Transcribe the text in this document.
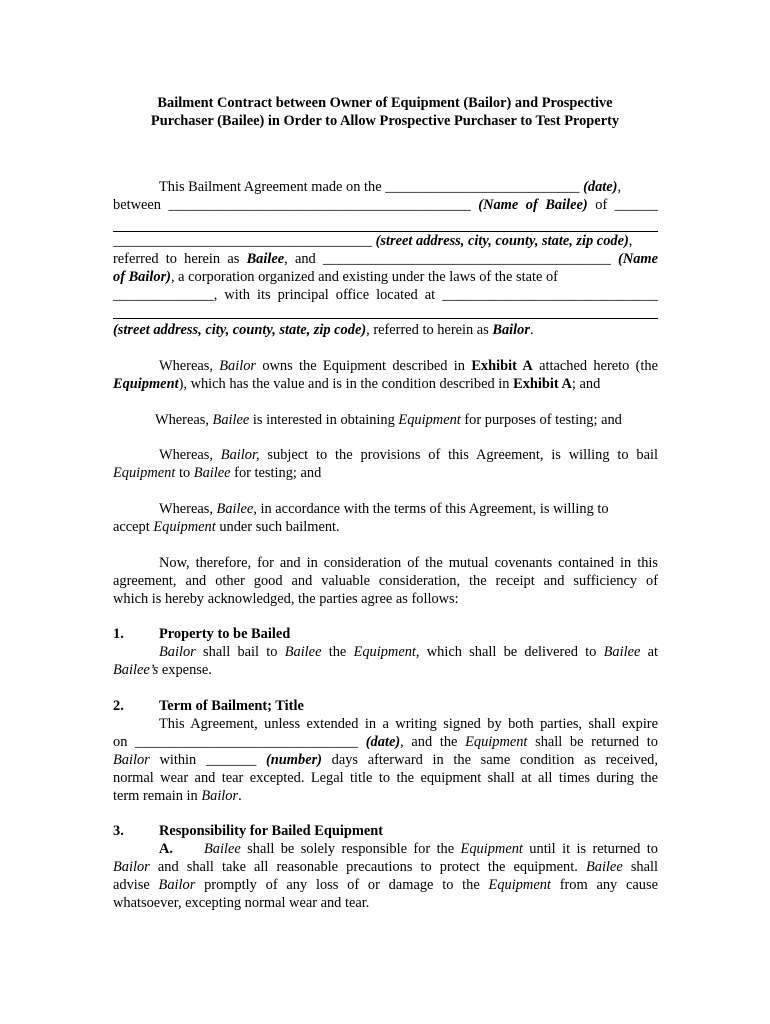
Bailment Contract between Owner of Equipment (Bailor) and Prospective
Purchaser (Bailee) in Order to Allow Prospective Purchaser to Test Property
This Bailment Agreement made on the ___________________________ (date),
between __________________________________________ (Name of Bailee) of ______
____________________________________ (street address, city, county, state, zip code),
referred to herein as Bailee, and ________________________________________ (Name
of Bailor), a corporation organized and existing under the laws of the state of
______________, with its principal office located at ______________________________
(street address, city, county, state, zip code), referred to herein as Bailor.
Whereas, Bailor owns the Equipment described in Exhibit A attached hereto (the
Equipment), which has the value and is in the condition described in Exhibit A; and
Whereas, Bailee is interested in obtaining Equipment for purposes of testing; and
Whereas, Bailor, subject to the provisions of this Agreement, is willing to bail
Equipment to Bailee for testing; and
Whereas, Bailee, in accordance with the terms of this Agreement, is willing to
accept Equipment under such bailment.
Now, therefore, for and in consideration of the mutual covenants contained in this
agreement, and other good and valuable consideration, the receipt and sufficiency of
which is hereby acknowledged, the parties agree as follows:
1. Property to be Bailed
Bailor shall bail to Bailee the Equipment, which shall be delivered to Bailee at
Bailee’s expense.
2. Term of Bailment; Title
This Agreement, unless extended in a writing signed by both parties, shall expire
on _______________________________ (date), and the Equipment shall be returned to
Bailor within _______ (number) days afterward in the same condition as received,
normal wear and tear excepted. Legal title to the equipment shall at all times during the
term remain in Bailor.
3. Responsibility for Bailed Equipment
A. Bailee shall be solely responsible for the Equipment until it is returned to
Bailor and shall take all reasonable precautions to protect the equipment. Bailee shall
advise Bailor promptly of any loss of or damage to the Equipment from any cause
whatsoever, excepting normal wear and tear.
